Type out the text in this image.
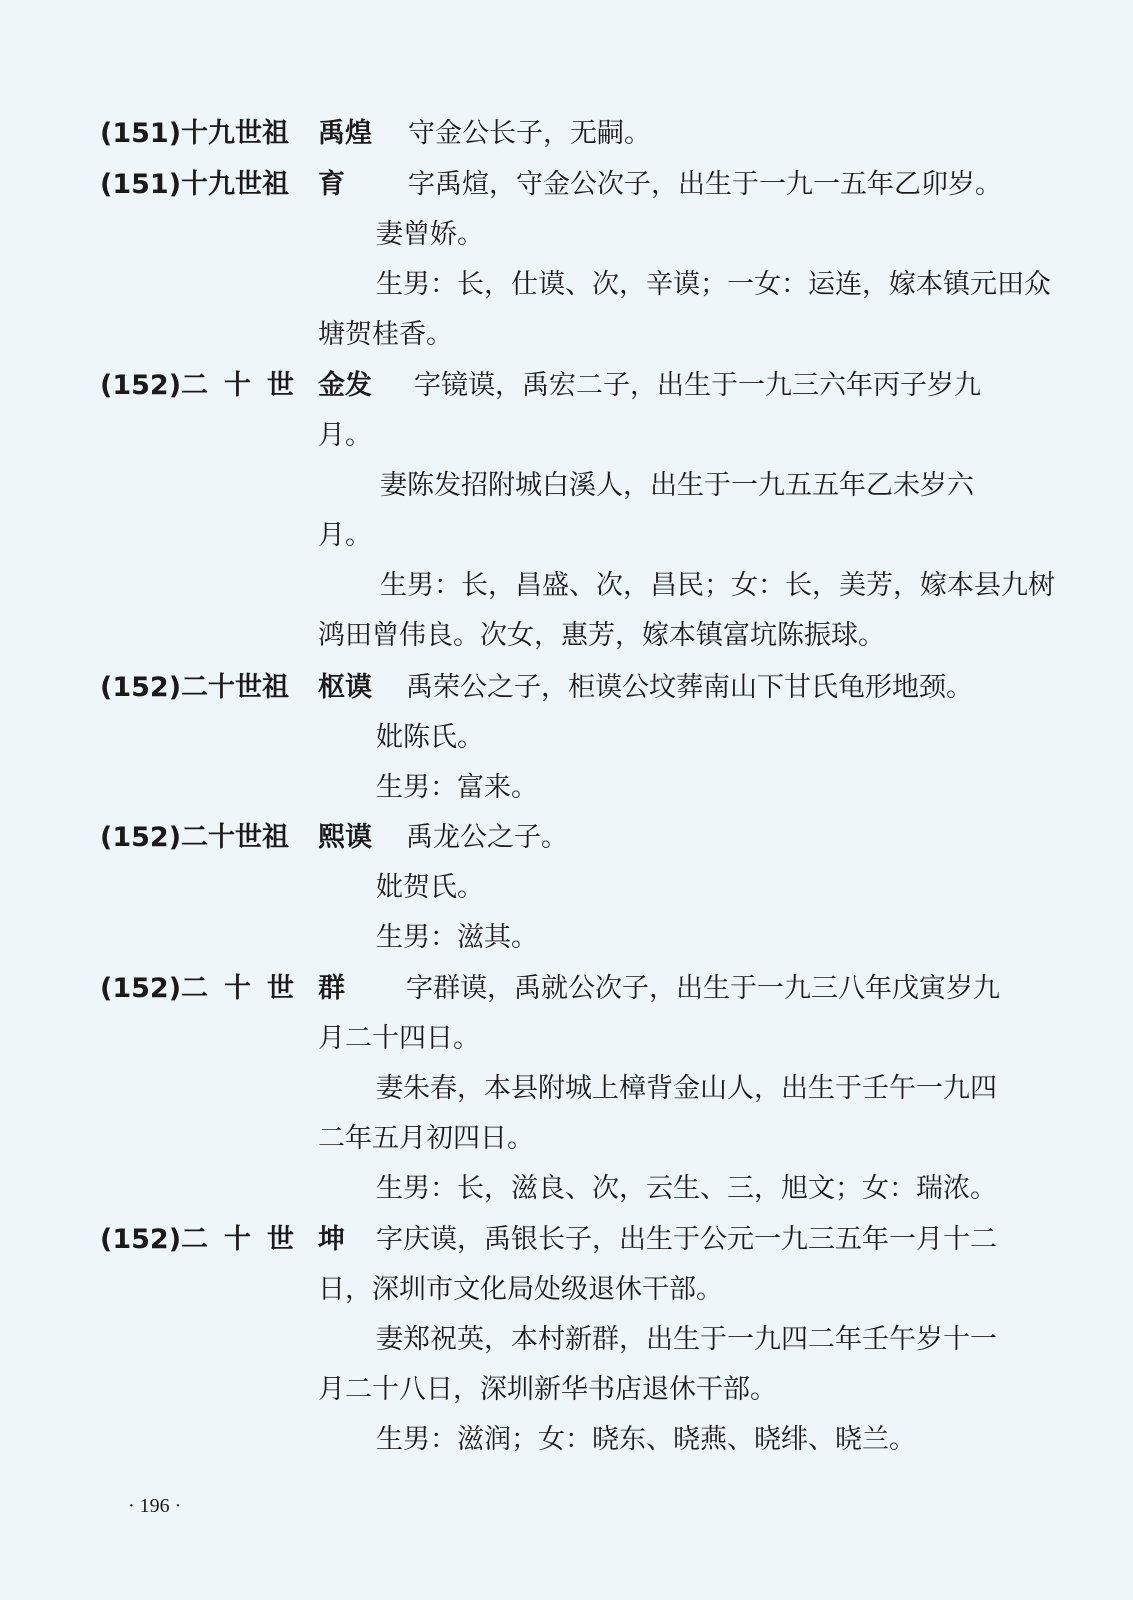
(151)十九世祖 禹煌 守金公长子，无嗣。
(151)十九世祖 育 字禹煊，守金公次子，出生于一九一五年乙卯岁。
妻曾娇。
生男：长，仕谟、次，辛谟；一女：运连，嫁本镇元田众
塘贺桂香。
(152)二十世 金发 字镜谟，禹宏二子，出生于一九三六年丙子岁九
月。
妻陈发招附城白溪人，出生于一九五五年乙未岁六
月。
生男：长，昌盛、次，昌民；女：长，美芳，嫁本县九树
鸿田曾伟良。次女，惠芳，嫁本镇富坑陈振球。
(152)二十世祖 枢谟 禹荣公之子，柜谟公坟葬南山下甘氏龟形地颈。
妣陈氏。
生男：富来。
(152)二十世祖 熙谟 禹龙公之子。
妣贺氏。
生男：滋其。
(152)二十世 群 字群谟，禹就公次子，出生于一九三八年戊寅岁九
月二十四日。
妻朱春，本县附城上樟背金山人，出生于壬午一九四
二年五月初四日。
生男：长，滋良、次，云生、三，旭文；女：瑞浓。
(152)二十世 坤 字庆谟，禹银长子，出生于公元一九三五年一月十二
日，深圳市文化局处级退休干部。
妻郑祝英，本村新群，出生于一九四二年壬午岁十一
月二十八日，深圳新华书店退休干部。
生男：滋润；女：晓东、晓燕、晓绯、晓兰。
· 196 ·
